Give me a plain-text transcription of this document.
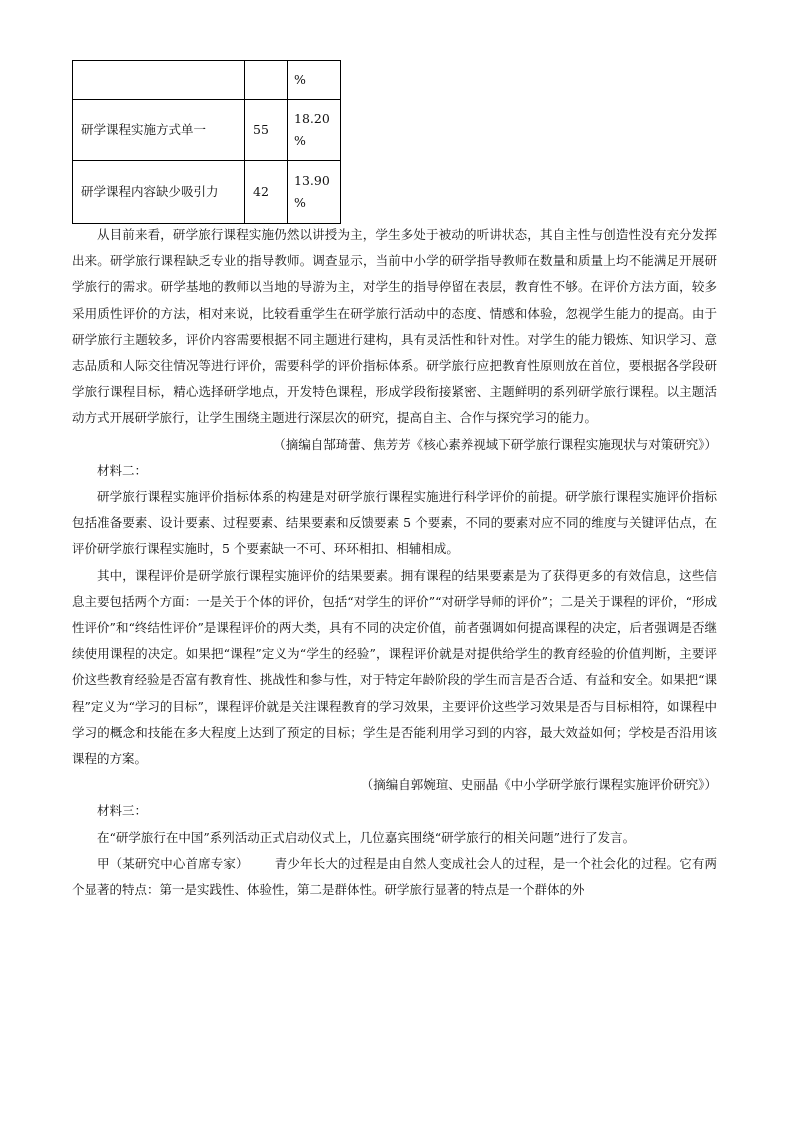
		%
研学课程实施方式单一	55	18.20
%
研学课程内容缺少吸引力	42	13.90
%

从目前来看，研学旅行课程实施仍然以讲授为主，学生多处于被动的听讲状态，其自主性与创造性没有充分发挥出来。研学旅行课程缺乏专业的指导教师。调查显示，当前中小学的研学指导教师在数量和质量上均不能满足开展研学旅行的需求。研学基地的教师以当地的导游为主，对学生的指导停留在表层，教育性不够。在评价方法方面，较多采用质性评价的方法，相对来说，比较看重学生在研学旅行活动中的态度、情感和体验，忽视学生能力的提高。由于研学旅行主题较多，评价内容需要根据不同主题进行建构，具有灵活性和针对性。对学生的能力锻炼、知识学习、意志品质和人际交往情况等进行评价，需要科学的评价指标体系。研学旅行应把教育性原则放在首位，要根据各学段研学旅行课程目标，精心选择研学地点，开发特色课程，形成学段衔接紧密、主题鲜明的系列研学旅行课程。以主题活动方式开展研学旅行，让学生围绕主题进行深层次的研究，提高自主、合作与探究学习的能力。

（摘编自郜琦蕾、焦芳芳《核心素养视域下研学旅行课程实施现状与对策研究》）

材料二：

研学旅行课程实施评价指标体系的构建是对研学旅行课程实施进行科学评价的前提。研学旅行课程实施评价指标包括准备要素、设计要素、过程要素、结果要素和反馈要素 5 个要素，不同的要素对应不同的维度与关键评估点，在评价研学旅行课程实施时，5 个要素缺一不可、环环相扣、相辅相成。

其中，课程评价是研学旅行课程实施评价的结果要素。拥有课程的结果要素是为了获得更多的有效信息，这些信息主要包括两个方面：一是关于个体的评价，包括“对学生的评价”“对研学导师的评价”；二是关于课程的评价，“形成性评价”和“终结性评价”是课程评价的两大类，具有不同的决定价值，前者强调如何提高课程的决定，后者强调是否继续使用课程的决定。如果把“课程”定义为“学生的经验”，课程评价就是对提供给学生的教育经验的价值判断，主要评价这些教育经验是否富有教育性、挑战性和参与性，对于特定年龄阶段的学生而言是否合适、有益和安全。如果把“课程”定义为“学习的目标”，课程评价就是关注课程教育的学习效果，主要评价这些学习效果是否与目标相符，如课程中学习的概念和技能在多大程度上达到了预定的目标；学生是否能利用学习到的内容，最大效益如何；学校是否沿用该课程的方案。

（摘编自郭婉瑄、史丽晶《中小学研学旅行课程实施评价研究》）

材料三：

在“研学旅行在中国”系列活动正式启动仪式上，几位嘉宾围绕“研学旅行的相关问题”进行了发言。

甲（某研究中心首席专家） 青少年长大的过程是由自然人变成社会人的过程，是一个社会化的过程。它有两个显著的特点：第一是实践性、体验性，第二是群体性。研学旅行显著的特点是一个群体的外
